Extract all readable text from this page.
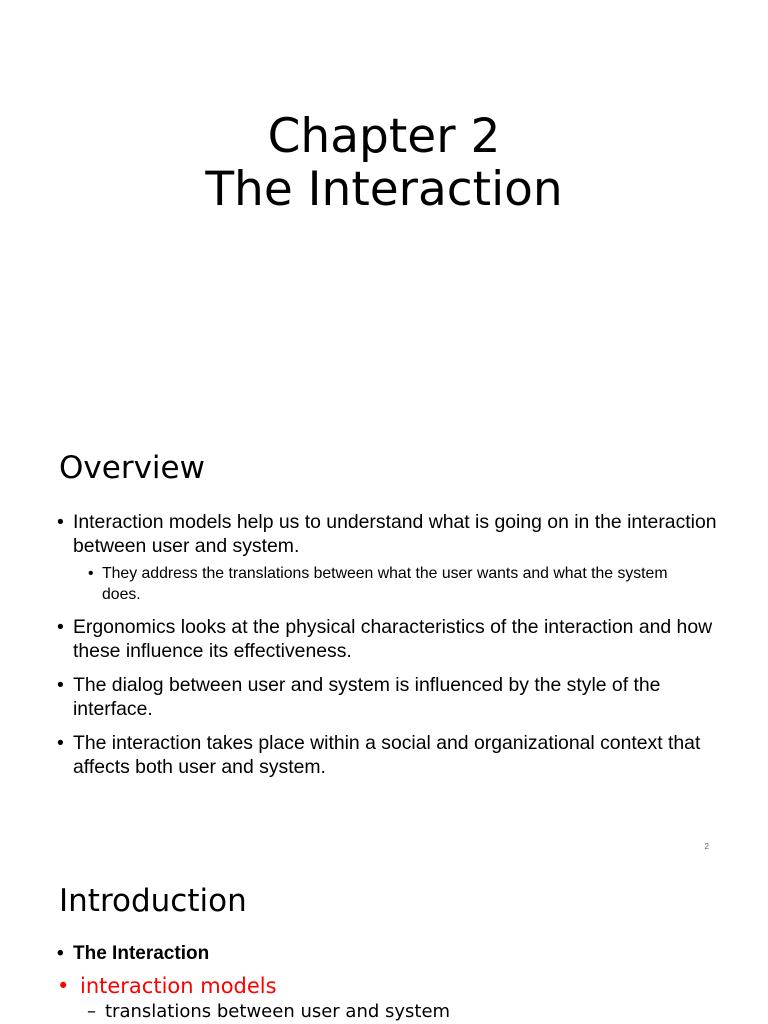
Chapter 2
The Interaction
Overview
• Interaction models help us to understand what is going on in the interaction between user and system.
• They address the translations between what the user wants and what the system does.
• Ergonomics looks at the physical characteristics of the interaction and how these influence its effectiveness.
• The dialog between user and system is influenced by the style of the interface.
• The interaction takes place within a social and organizational context that affects both user and system.
2
Introduction
• The Interaction
• interaction models
– translations between user and system
